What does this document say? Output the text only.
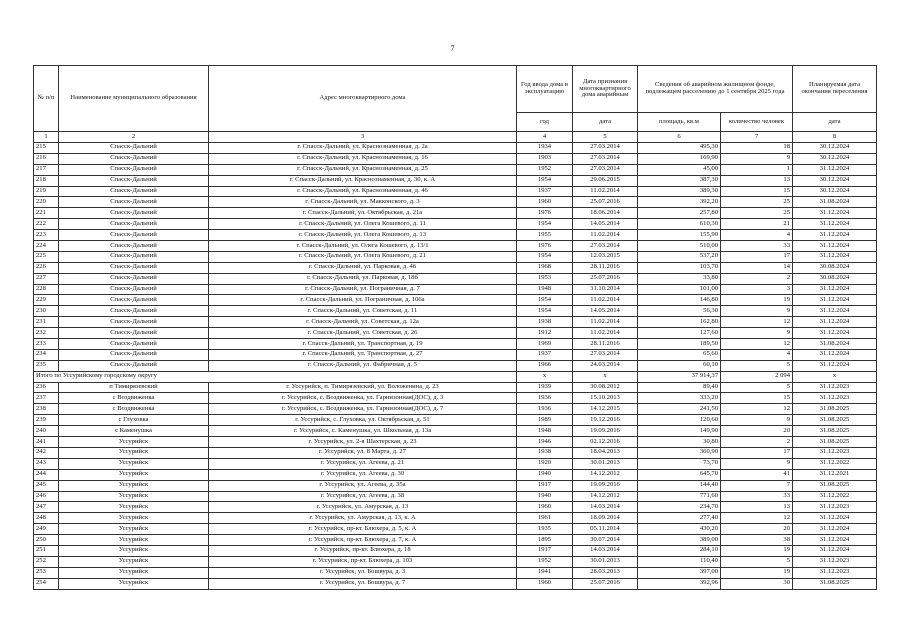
7
№ п/п	Наименование муниципального образования	Адрес многоквартирного дома	Год ввода дома в эксплуатацию	Дата признания многоквартирного дома аварийным	Сведения об аварийном жилищном фонде, подлежащем расселению до 1 сентября 2025 года		Планируемая дата окончания переселения
			год	дата	площадь, кв.м	количество человек	дата
1	2	3	4	5	6	7	8
215	Спасск-Дальний	г. Спасск-Дальний, ул. Краснознаменная, д. 2а	1934	27.03.2014	495,30	18	30.12.2024
216	Спасск-Дальний	г. Спасск-Дальний, ул. Краснознаменная, д. 16	1903	27.03.2014	169,90	9	30.12.2024
217	Спасск-Дальний	г. Спасск-Дальний, ул. Краснознаменная, д. 25	1952	27.03.2014	45,00	1	31.12.2024
218	Спасск-Дальний	г. Спасск-Дальний, ул. Краснознаменная, д. 30, к. А	1954	29.06.2015	387,30	13	30.12.2024
219	Спасск-Дальний	г. Спасск-Дальний, ул. Краснознаменная, д. 46	1937	11.02.2014	389,30	15	30.12.2024
220	Спасск-Дальний	г. Спасск-Дальний, ул. Макконского, д. 3	1960	25.07.2016	392,20	25	31.08.2024
221	Спасск-Дальний	г. Спасск-Дальний, ул. Октябрьская, д. 21а	1976	18.06.2014	257,80	25	31.12.2024
222	Спасск-Дальний	г. Спасск-Дальний, ул. Олега Кошевого, д. 11	1954	14.05.2014	610,30	21	31.12.2024
223	Спасск-Дальний	г. Спасск-Дальний, ул. Олега Кошевого, д. 13	1955	11.02.2014	155,90	4	31.12.2024
224	Спасск-Дальний	г. Спасск-Дальний, ул. Олега Кошевого, д. 13/1	1976	27.03.2014	510,00	33	31.12.2024
225	Спасск-Дальний	г. Спасск-Дальний, ул. Олега Кошевого, д. 21	1954	12.03.2015	537,20	17	31.12.2024
226	Спасск-Дальний	г. Спасск-Дальний, ул. Парковая, д. 46	1968	28.11.2016	103,70	14	30.08.2024
227	Спасск-Дальний	г. Спасск-Дальний, ул. Парковая, д. 18б	1953	25.07.2016	33,80	2	30.08.2024
228	Спасск-Дальний	г. Спасск-Дальний, ул. Пограничная, д. 7	1948	31.10.2014	101,00	3	31.12.2024
229	Спасск-Дальний	г. Спасск-Дальний, ул. Пограничная, д. 106а	1954	11.02.2014	146,80	19	31.12.2024
230	Спасск-Дальний	г. Спасск-Дальний, ул. Советская, д. 11	1954	14.05.2014	56,30	9	31.12.2024
231	Спасск-Дальний	г. Спасск-Дальний, ул. Советская, д. 12а	1938	11.02.2014	162,80	12	31.12.2024
232	Спасск-Дальний	г. Спасск-Дальний, ул. Советская, д. 26	1912	11.02.2014	127,60	9	31.12.2024
233	Спасск-Дальний	г. Спасск-Дальний, ул. Транспортная, д. 19	1969	28.11.2016	189,50	12	31.08.2024
234	Спасск-Дальний	г. Спасск-Дальний, ул. Транспортная, д. 27	1937	27.03.2014	65,60	4	31.12.2024
235	Спасск-Дальний	г. Спасск-Дальний, ул. Фабричная, д. 5	1966	24.03.2014	60,10	5	31.12.2024
Итого по Уссурийскому городскому округу			x	x	37 914,37	2 094	x
236	п Тимирязевский	г. Уссурийск, п. Тимирязевский, ул. Воложенина, д. 23	1939	30.08.2012	89,40	5	31.12.2023
237	с Воздвиженка	г. Уссурийск, с. Воздвиженка, ул. Гарнизонная(ДОС), д. 3	1936	15.10.2013	333,20	15	31.12.2023
238	с Воздвиженка	г. Уссурийск, с. Воздвиженка, ул. Гарнизонная(ДОС), д. 7	1936	14.12.2015	241,50	12	31.08.2025
239	с Глуховка	г. Уссурийск, с. Глуховка, ул. Октябрьская, д. 51	1989	19.12.2016	120,60	9	31.08.2025
240	с Каменушка	г. Уссурийск, с. Каменушка, ул. Школьная, д. 13а	1948	19.09.2016	149,90	20	31.08.2025
241	Уссурийск	г. Уссурийск, ул. 2-я Шахтерская, д. 23	1946	02.12.2016	30,80	2	31.08.2025
242	Уссурийск	г. Уссурийск, ул. 8 Марта, д. 27	1938	18.04.2013	360,90	17	31.12.2023
243	Уссурийск	г. Уссурийск, ул. Агеева, д. 21	1920	30.01.2013	73,70	9	31.12.2022
244	Уссурийск	г. Уссурийск, ул. Агеева, д. 30	1940	14.12.2012	645,70	41	31.12.2021
245	Уссурийск	г. Уссурийск, ул. Агеева, д. 35а	1917	19.09.2016	144,40	7	31.08.2025
246	Уссурийск	г. Уссурийск, ул. Агеева, д. 38	1940	14.12.2012	771,60	33	31.12.2022
247	Уссурийск	г. Уссурийск, ул. Амурская, д. 13	1960	14.03.2014	234,70	13	31.12.2023
248	Уссурийск	г. Уссурийск, ул. Амурская, д. 13, к. А	1961	18.09.2014	277,40	12	31.12.2024
249	Уссурийск	г. Уссурийск, пр-кт. Блюхера, д. 5, к. А	1935	05.11.2014	430,20	20	31.12.2024
250	Уссурийск	г. Уссурийск, пр-кт. Блюхера, д. 7, к. А	1895	30.07.2014	389,00	38	31.12.2024
251	Уссурийск	г. Уссурийск, пр-кт. Блюхера, д. 18	1917	14.03.2014	284,10	19	31.12.2024
252	Уссурийск	г. Уссурийск, пр-кт. Блюхера, д. 103	1952	30.01.2013	110,40	5	31.12.2023
253	Уссурийск	г. Уссурийск, ул. Бошвура, д. 3	1941	28.03.2013	397,00	19	31.12.2023
254	Уссурийск	г. Уссурийск, ул. Бошвура, д. 7	1960	25.07.2016	392,96	30	31.08.2025
